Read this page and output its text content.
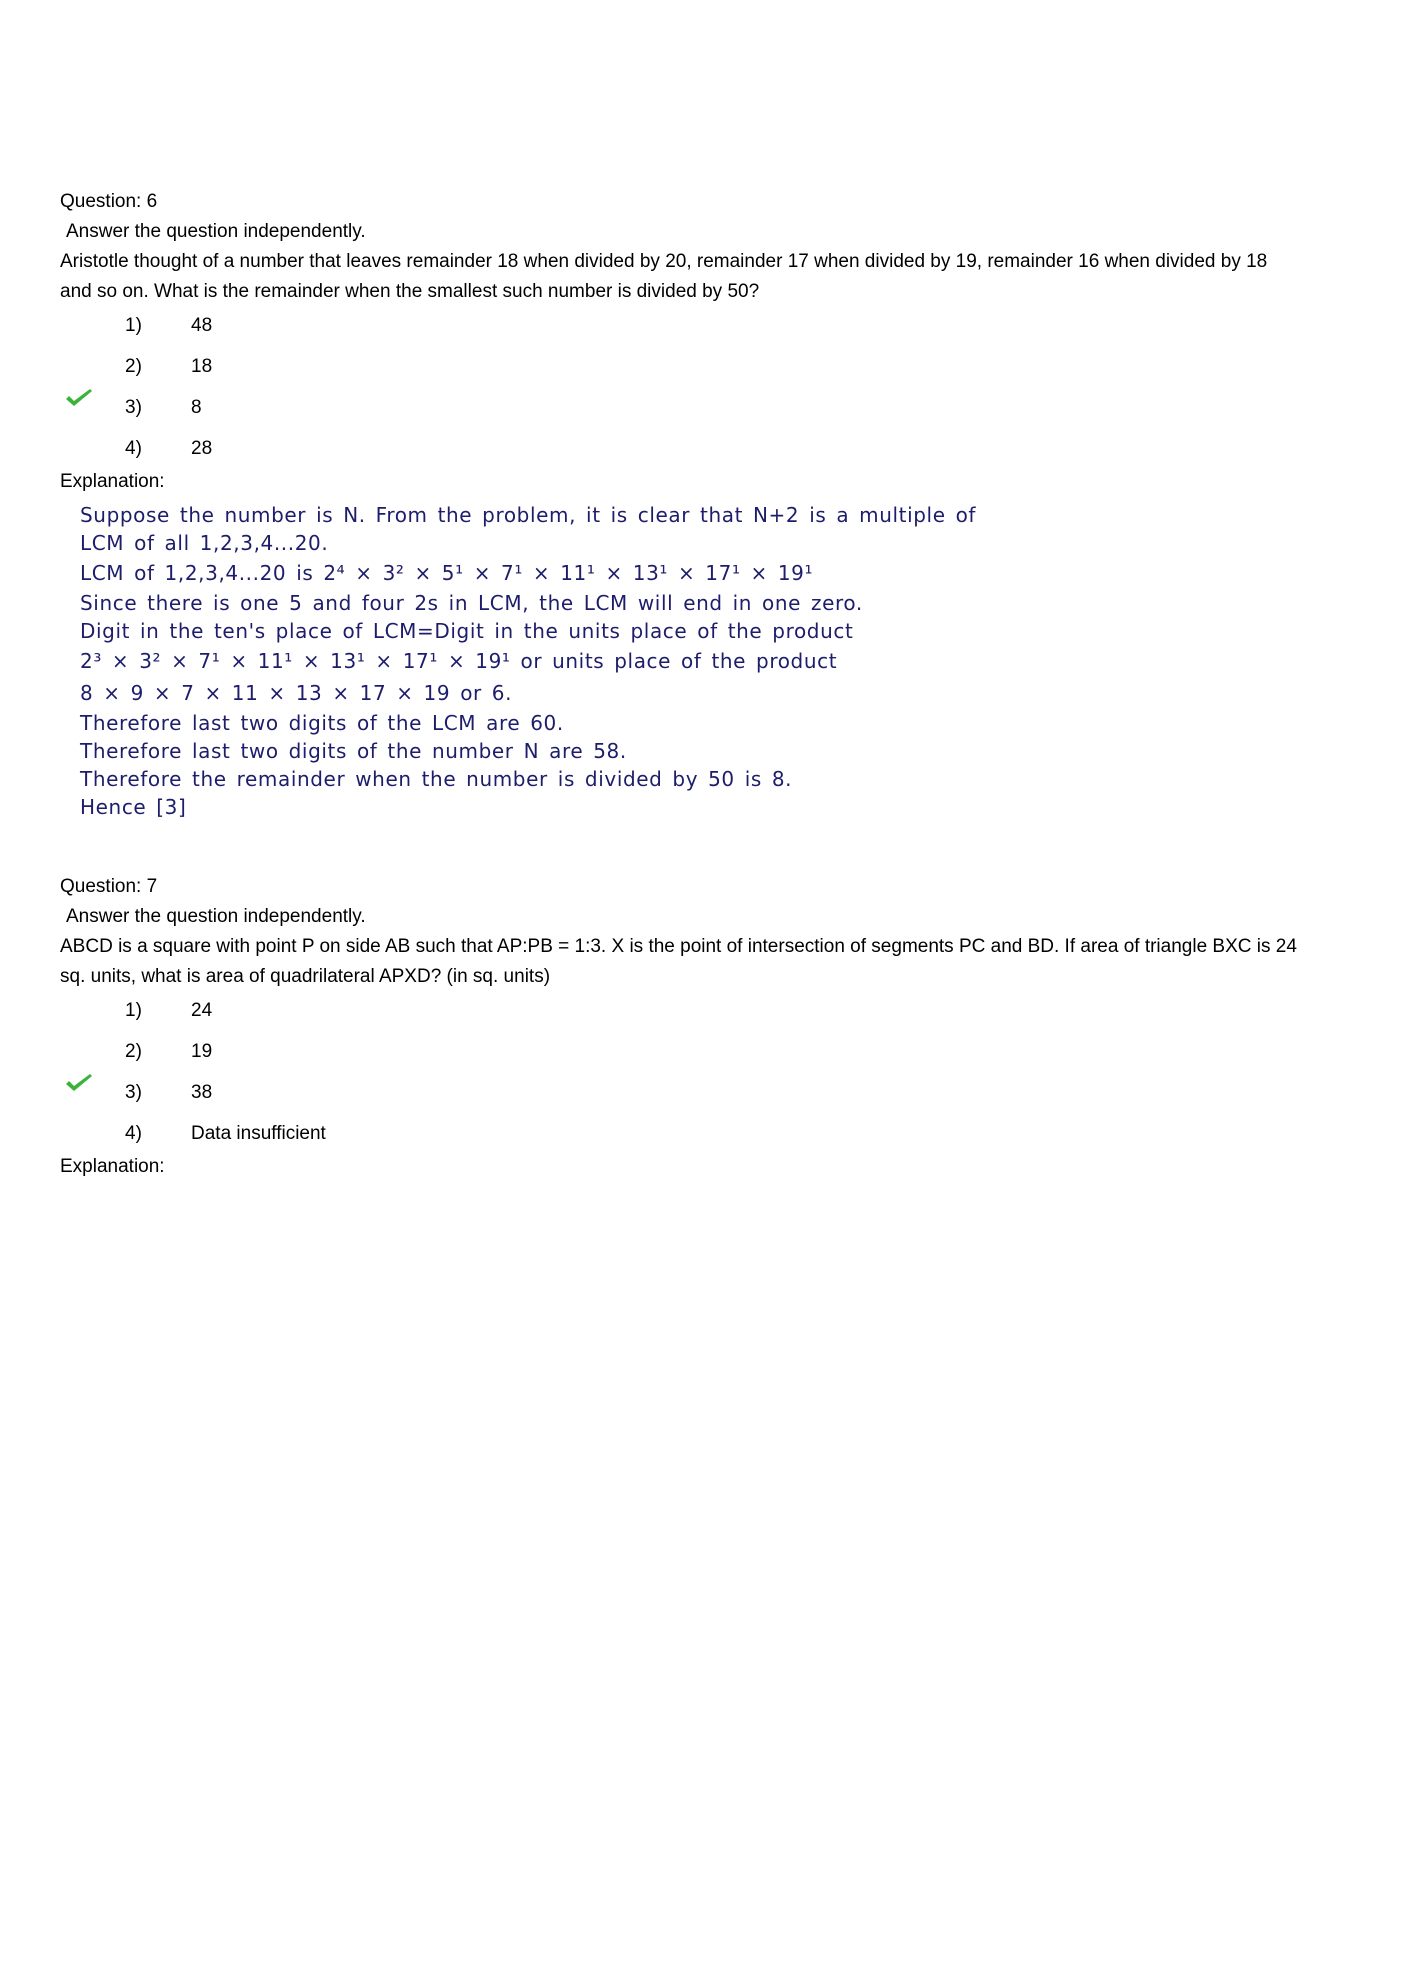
Question: 6
Answer the question independently.
Aristotle thought of a number that leaves remainder 18 when divided by 20, remainder 17 when divided by 19, remainder 16 when divided by 18 and so on. What is the remainder when the smallest such number is divided by 50?
1)	48
2)	18
3)	8
4)	28
Explanation:
Suppose the number is N. From the problem, it is clear that N+2 is a multiple of
LCM of all 1,2,3,4...20.
LCM of 1,2,3,4...20 is 2⁴ × 3² × 5¹ × 7¹ × 11¹ × 13¹ × 17¹ × 19¹
Since there is one 5 and four 2s in LCM, the LCM will end in one zero.
Digit in the ten's place of LCM=Digit in the units place of the product
2³ × 3² × 7¹ × 11¹ × 13¹ × 17¹ × 19¹ or units place of the product
8 × 9 × 7 × 11 × 13 × 17 × 19 or 6.
Therefore last two digits of the LCM are 60.
Therefore last two digits of the number N are 58.
Therefore the remainder when the number is divided by 50 is 8.
Hence [3]
Question: 7
Answer the question independently.
ABCD is a square with point P on side AB such that AP:PB = 1:3. X is the point of intersection of segments PC and BD. If area of triangle BXC is 24 sq. units, what is area of quadrilateral APXD? (in sq. units)
1)	24
2)	19
3)	38
4)	Data insufficient
Explanation:
